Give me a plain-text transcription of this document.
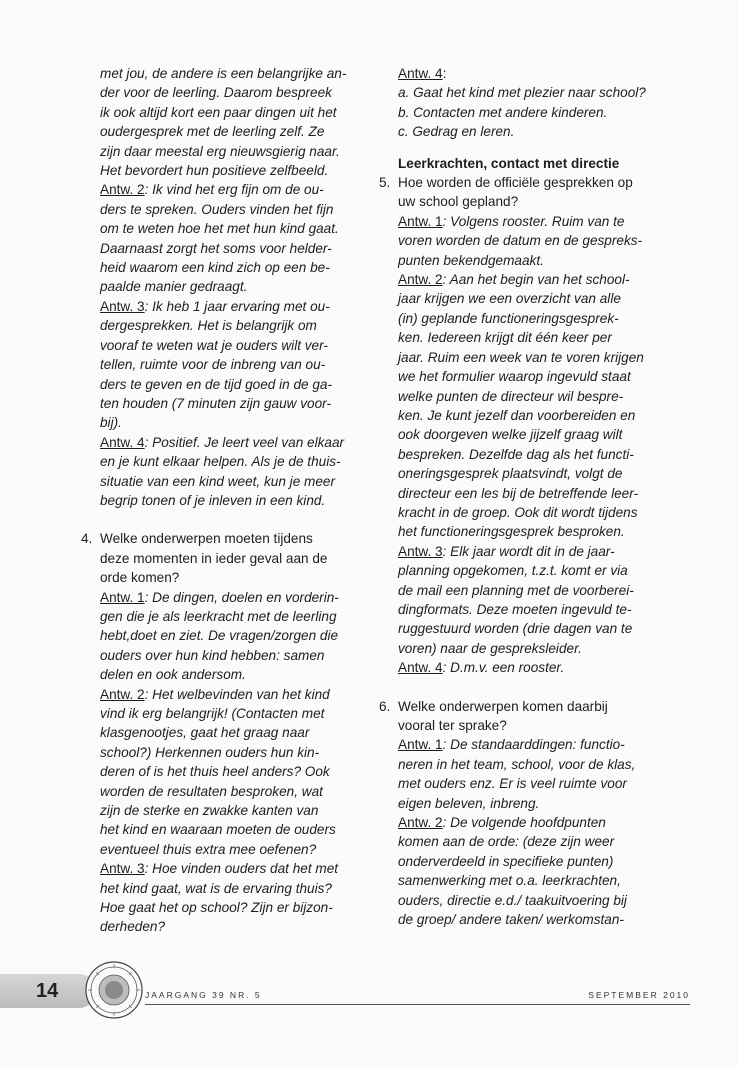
met jou, de andere is een belangrijke an-

der voor de leerling. Daarom bespreek

ik ook altijd kort een paar dingen uit het

oudergesprek met de leerling zelf. Ze

zijn daar meestal erg nieuwsgierig naar.

Het bevordert hun positieve zelfbeeld.

Antw. 2: Ik vind het erg fijn om de ou-

ders te spreken. Ouders vinden het fijn

om te weten hoe het met hun kind gaat.

Daarnaast zorgt het soms voor helder-

heid waarom een kind zich op een be-

paalde manier gedraagt.

Antw. 3: Ik heb 1 jaar ervaring met ou-

dergesprekken. Het is belangrijk om

vooraf te weten wat je ouders wilt ver-

tellen, ruimte voor de inbreng van ou-

ders te geven en de tijd goed in de ga-

ten houden (7 minuten zijn gauw voor-

bij).

Antw. 4: Positief. Je leert veel van elkaar

en je kunt elkaar helpen. Als je de thuis-

situatie van een kind weet, kun je meer

begrip tonen of je inleven in een kind.

4. Welke onderwerpen moeten tijdens

deze momenten in ieder geval aan de

orde komen?

Antw. 1: De dingen, doelen en vorderin-

gen die je als leerkracht met de leerling

hebt,doet en ziet. De vragen/zorgen die

ouders over hun kind hebben: samen

delen en ook andersom.

Antw. 2: Het welbevinden van het kind

vind ik erg belangrijk! (Contacten met

klasgenootjes, gaat het graag naar

school?) Herkennen ouders hun kin-

deren of is het thuis heel anders? Ook

worden de resultaten besproken, wat

zijn de sterke en zwakke kanten van

het kind en waaraan moeten de ouders

eventueel thuis extra mee oefenen?

Antw. 3: Hoe vinden ouders dat het met

het kind gaat, wat is de ervaring thuis?

Hoe gaat het op school? Zijn er bijzon-

derheden?

Antw. 4:

a. Gaat het kind met plezier naar school?

b. Contacten met andere kinderen.

c. Gedrag en leren.

Leerkrachten, contact met directie

5. Hoe worden de officiële gesprekken op

uw school gepland?

Antw. 1: Volgens rooster. Ruim van te

voren worden de datum en de gespreks-

punten bekendgemaakt.

Antw. 2: Aan het begin van het school-

jaar krijgen we een overzicht van alle

(in) geplande functioneringsgesprek-

ken. Iedereen krijgt dit één keer per

jaar. Ruim een week van te voren krijgen

we het formulier waarop ingevuld staat

welke punten de directeur wil bespre-

ken. Je kunt jezelf dan voorbereiden en

ook doorgeven welke jijzelf graag wilt

bespreken. Dezelfde dag als het functi-

oneringsgesprek plaatsvindt, volgt de

directeur een les bij de betreffende leer-

kracht in de groep. Ook dit wordt tijdens

het functioneringsgesprek besproken.

Antw. 3: Elk jaar wordt dit in de jaar-

planning opgekomen, t.z.t. komt er via

de mail een planning met de voorberei-

dingformats. Deze moeten ingevuld te-

ruggestuurd worden (drie dagen van te

voren) naar de gespreksleider.

Antw. 4: D.m.v. een rooster.

6. Welke onderwerpen komen daarbij

vooral ter sprake?

Antw. 1: De standaarddingen: functio-

neren in het team, school, voor de klas,

met ouders enz. Er is veel ruimte voor

eigen beleven, inbreng.

Antw. 2: De volgende hoofdpunten

komen aan de orde: (deze zijn weer

onderverdeeld in specifieke punten)

samenwerking met o.a. leerkrachten,

ouders, directie e.d./ taakuitvoering bij

de groep/ andere taken/ werkomstan-

14	JAARGANG 39 NR. 5	SEPTEMBER 2010
